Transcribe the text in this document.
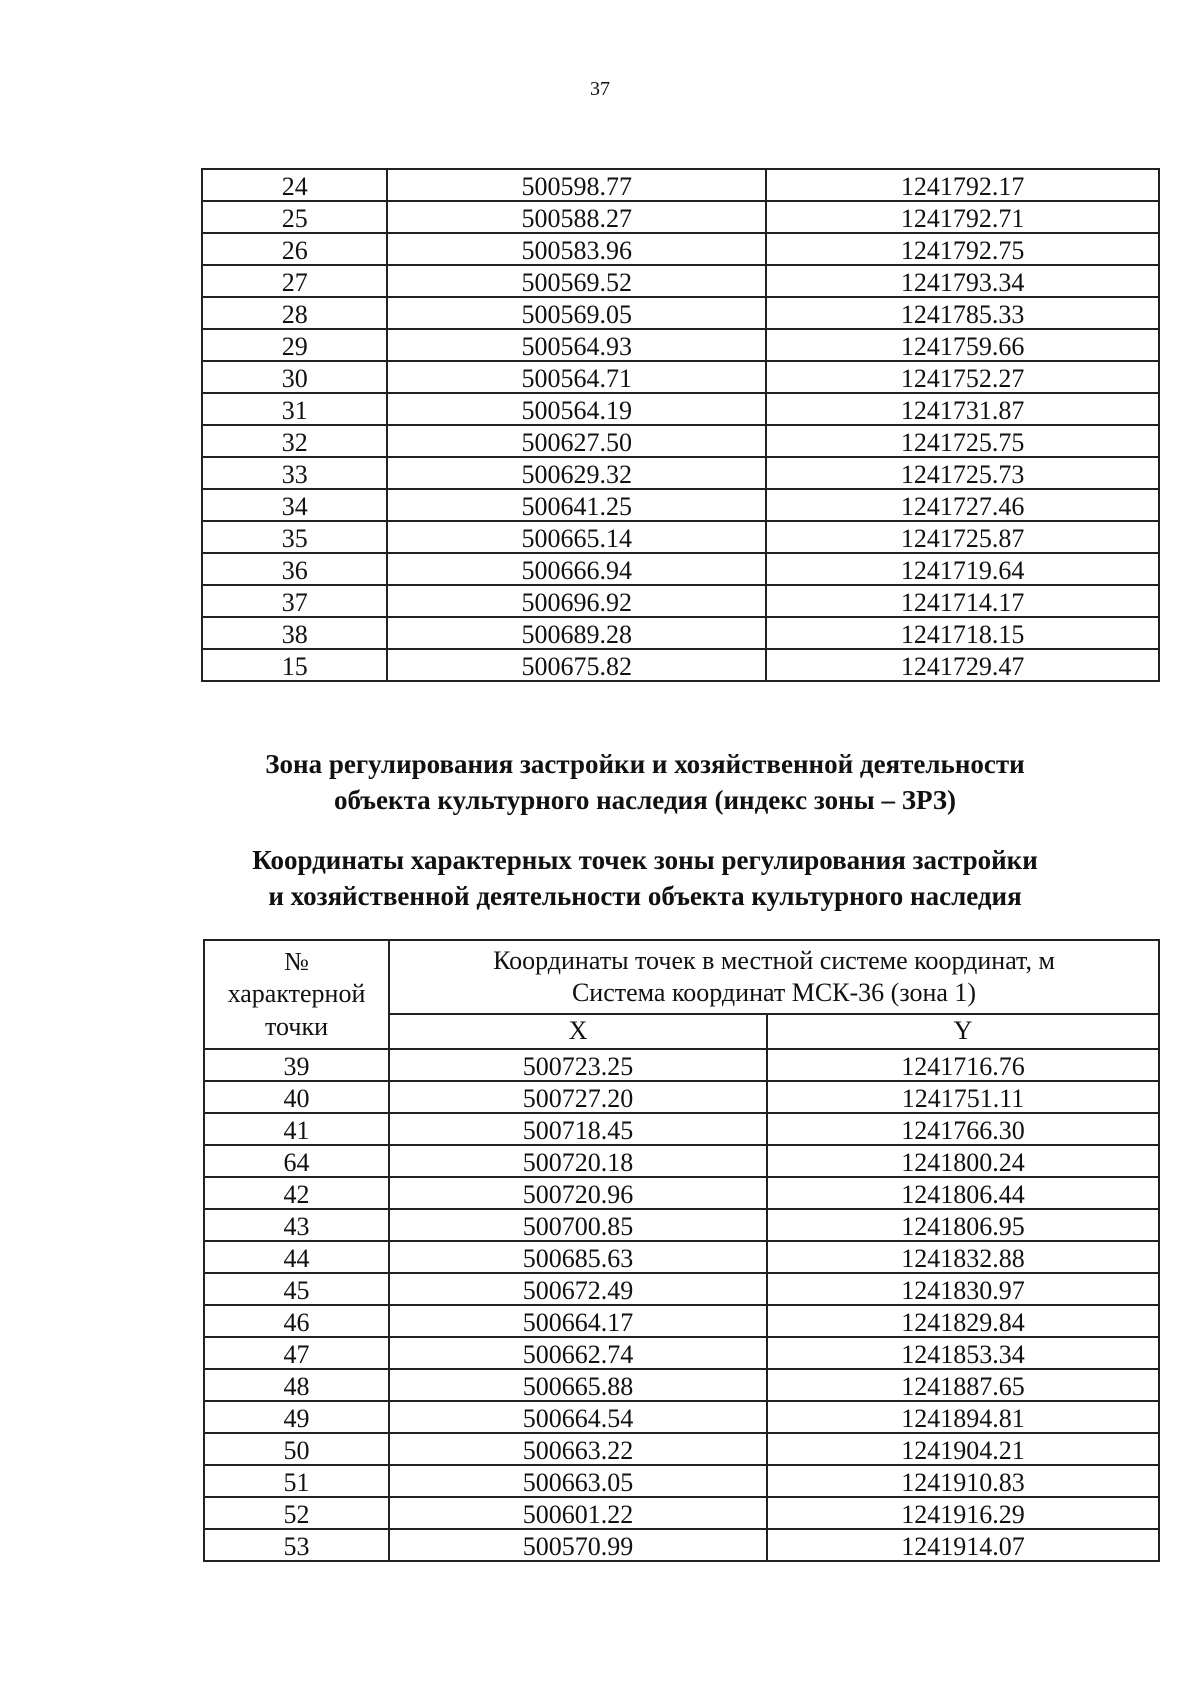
37
24	500598.77	1241792.17
25	500588.27	1241792.71
26	500583.96	1241792.75
27	500569.52	1241793.34
28	500569.05	1241785.33
29	500564.93	1241759.66
30	500564.71	1241752.27
31	500564.19	1241731.87
32	500627.50	1241725.75
33	500629.32	1241725.73
34	500641.25	1241727.46
35	500665.14	1241725.87
36	500666.94	1241719.64
37	500696.92	1241714.17
38	500689.28	1241718.15
15	500675.82	1241729.47
Зона регулирования застройки и хозяйственной деятельности
объекта культурного наследия (индекс зоны – ЗРЗ)
Координаты характерных точек зоны регулирования застройки
и хозяйственной деятельности объекта культурного наследия
№
характерной
точки	Координаты точек в местной системе координат, м
Система координат МСК-36 (зона 1)	

	X	Y
39	500723.25	1241716.76
40	500727.20	1241751.11
41	500718.45	1241766.30
64	500720.18	1241800.24
42	500720.96	1241806.44
43	500700.85	1241806.95
44	500685.63	1241832.88
45	500672.49	1241830.97
46	500664.17	1241829.84
47	500662.74	1241853.34
48	500665.88	1241887.65
49	500664.54	1241894.81
50	500663.22	1241904.21
51	500663.05	1241910.83
52	500601.22	1241916.29
53	500570.99	1241914.07
